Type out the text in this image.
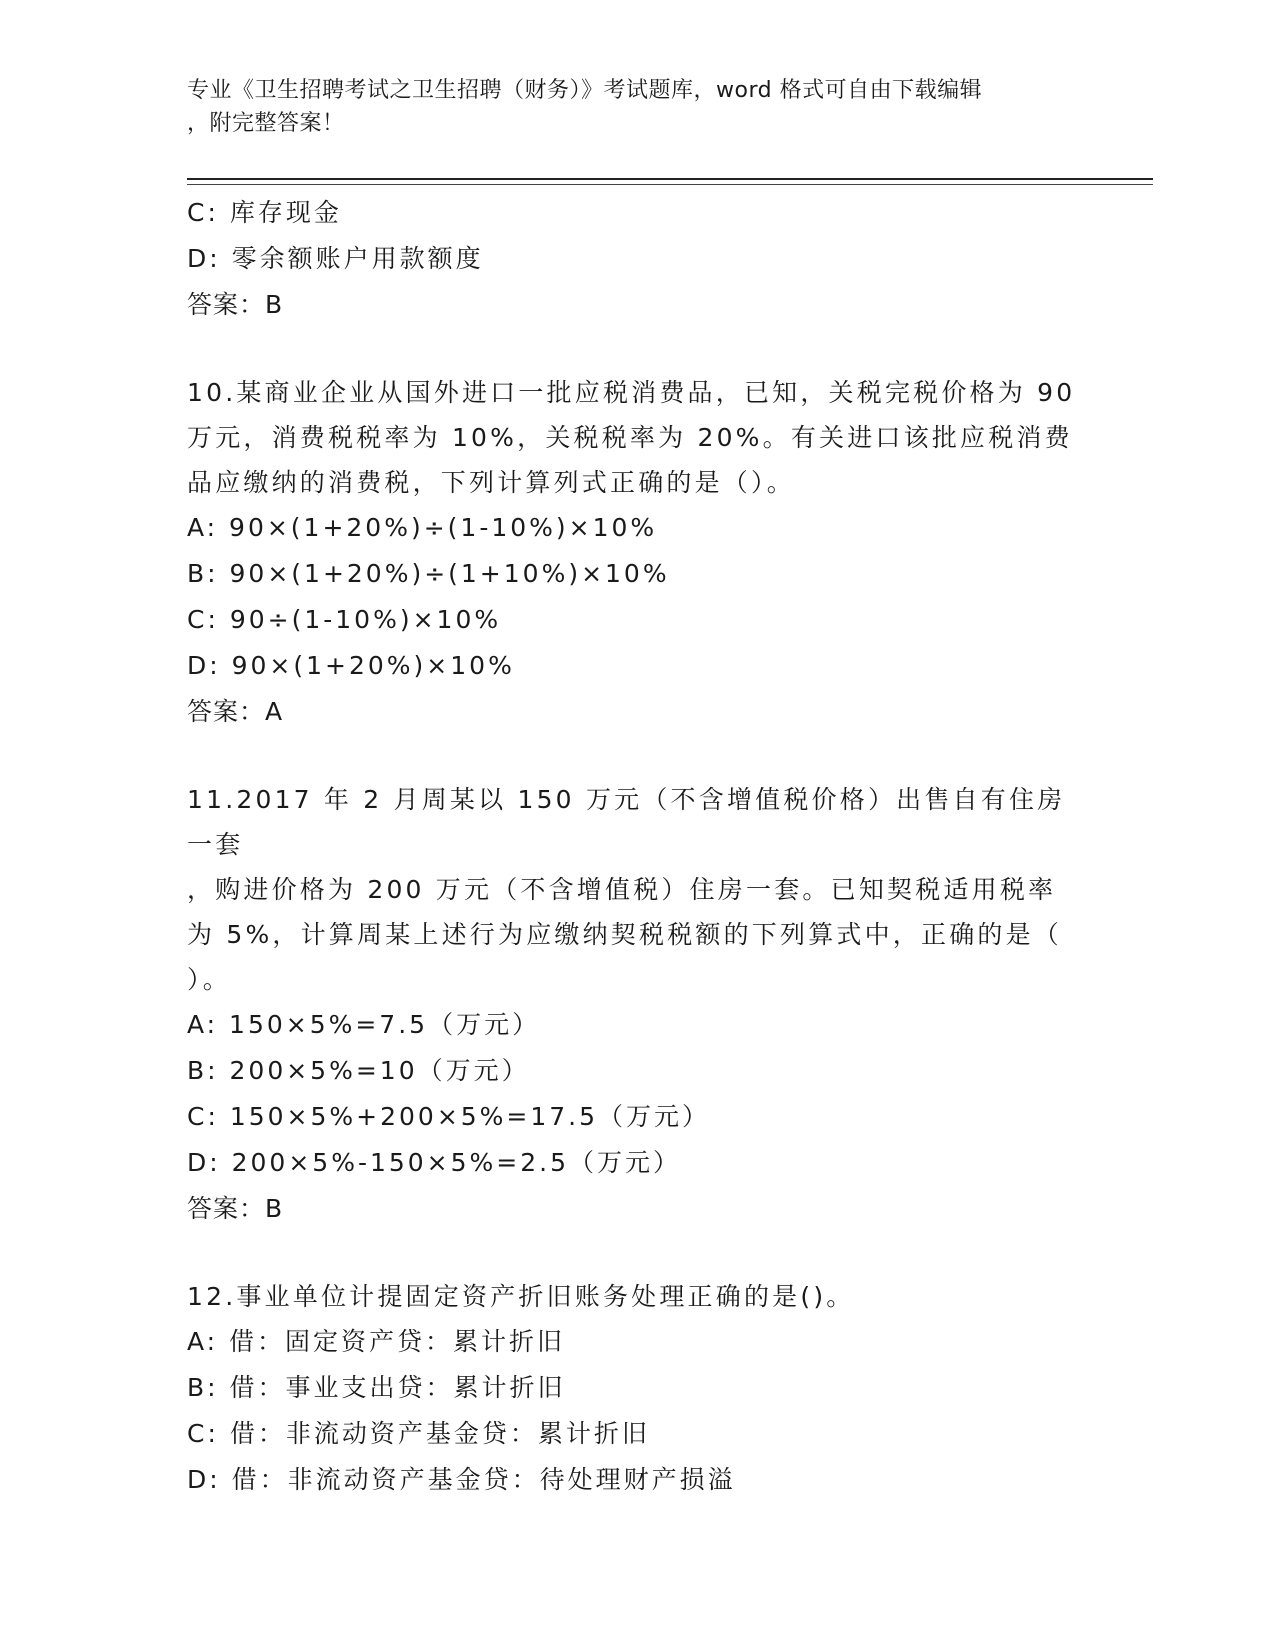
专业《卫生招聘考试之卫生招聘（财务）》考试题库，word 格式可自由下载编辑
，附完整答案！
C: 库存现金
D: 零余额账户用款额度
答案：B
10.某商业企业从国外进口一批应税消费品，已知，关税完税价格为 90
万元，消费税税率为 10%，关税税率为 20%。有关进口该批应税消费
品应缴纳的消费税，下列计算列式正确的是（）。
A: 90×(1+20%)÷(1-10%)×10%
B: 90×(1+20%)÷(1+10%)×10%
C: 90÷(1-10%)×10%
D: 90×(1+20%)×10%
答案：A
11.2017 年 2 月周某以 150 万元（不含增值税价格）出售自有住房一套
，购进价格为 200 万元（不含增值税）住房一套。已知契税适用税率
为 5%，计算周某上述行为应缴纳契税税额的下列算式中，正确的是（
）。
A: 150×5%=7.5（万元）
B: 200×5%=10（万元）
C: 150×5%+200×5%=17.5（万元）
D: 200×5%-150×5%=2.5（万元）
答案：B
12.事业单位计提固定资产折旧账务处理正确的是()。
A: 借：固定资产贷：累计折旧
B: 借：事业支出贷：累计折旧
C: 借：非流动资产基金贷：累计折旧
D: 借：非流动资产基金贷：待处理财产损溢
